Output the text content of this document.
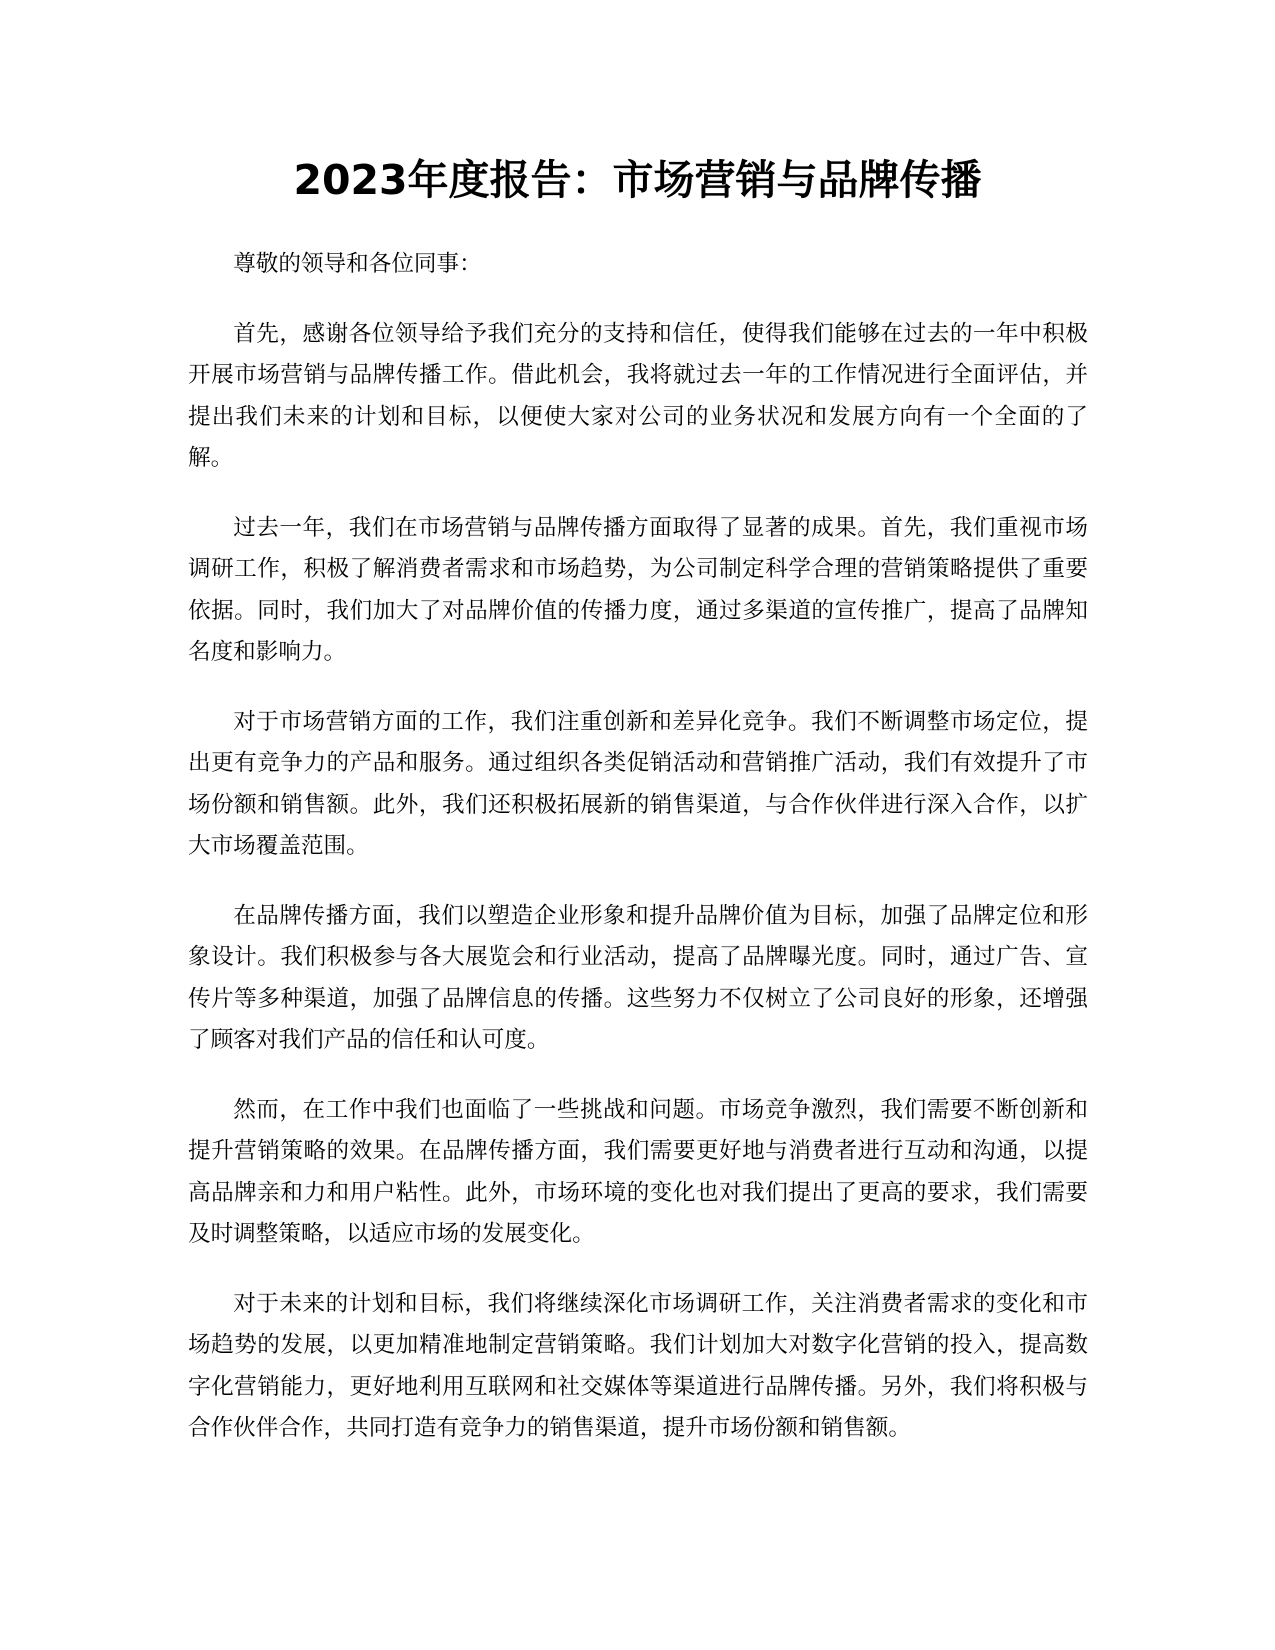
2023年度报告：市场营销与品牌传播

尊敬的领导和各位同事：

首先，感谢各位领导给予我们充分的支持和信任，使得我们能够在过去的一年中积极开展市场营销与品牌传播工作。借此机会，我将就过去一年的工作情况进行全面评估，并提出我们未来的计划和目标，以便使大家对公司的业务状况和发展方向有一个全面的了解。

过去一年，我们在市场营销与品牌传播方面取得了显著的成果。首先，我们重视市场调研工作，积极了解消费者需求和市场趋势，为公司制定科学合理的营销策略提供了重要依据。同时，我们加大了对品牌价值的传播力度，通过多渠道的宣传推广，提高了品牌知名度和影响力。

对于市场营销方面的工作，我们注重创新和差异化竞争。我们不断调整市场定位，提出更有竞争力的产品和服务。通过组织各类促销活动和营销推广活动，我们有效提升了市场份额和销售额。此外，我们还积极拓展新的销售渠道，与合作伙伴进行深入合作，以扩大市场覆盖范围。

在品牌传播方面，我们以塑造企业形象和提升品牌价值为目标，加强了品牌定位和形象设计。我们积极参与各大展览会和行业活动，提高了品牌曝光度。同时，通过广告、宣传片等多种渠道，加强了品牌信息的传播。这些努力不仅树立了公司良好的形象，还增强了顾客对我们产品的信任和认可度。

然而，在工作中我们也面临了一些挑战和问题。市场竞争激烈，我们需要不断创新和提升营销策略的效果。在品牌传播方面，我们需要更好地与消费者进行互动和沟通，以提高品牌亲和力和用户粘性。此外，市场环境的变化也对我们提出了更高的要求，我们需要及时调整策略，以适应市场的发展变化。

对于未来的计划和目标，我们将继续深化市场调研工作，关注消费者需求的变化和市场趋势的发展，以更加精准地制定营销策略。我们计划加大对数字化营销的投入，提高数字化营销能力，更好地利用互联网和社交媒体等渠道进行品牌传播。另外，我们将积极与合作伙伴合作，共同打造有竞争力的销售渠道，提升市场份额和销售额。
